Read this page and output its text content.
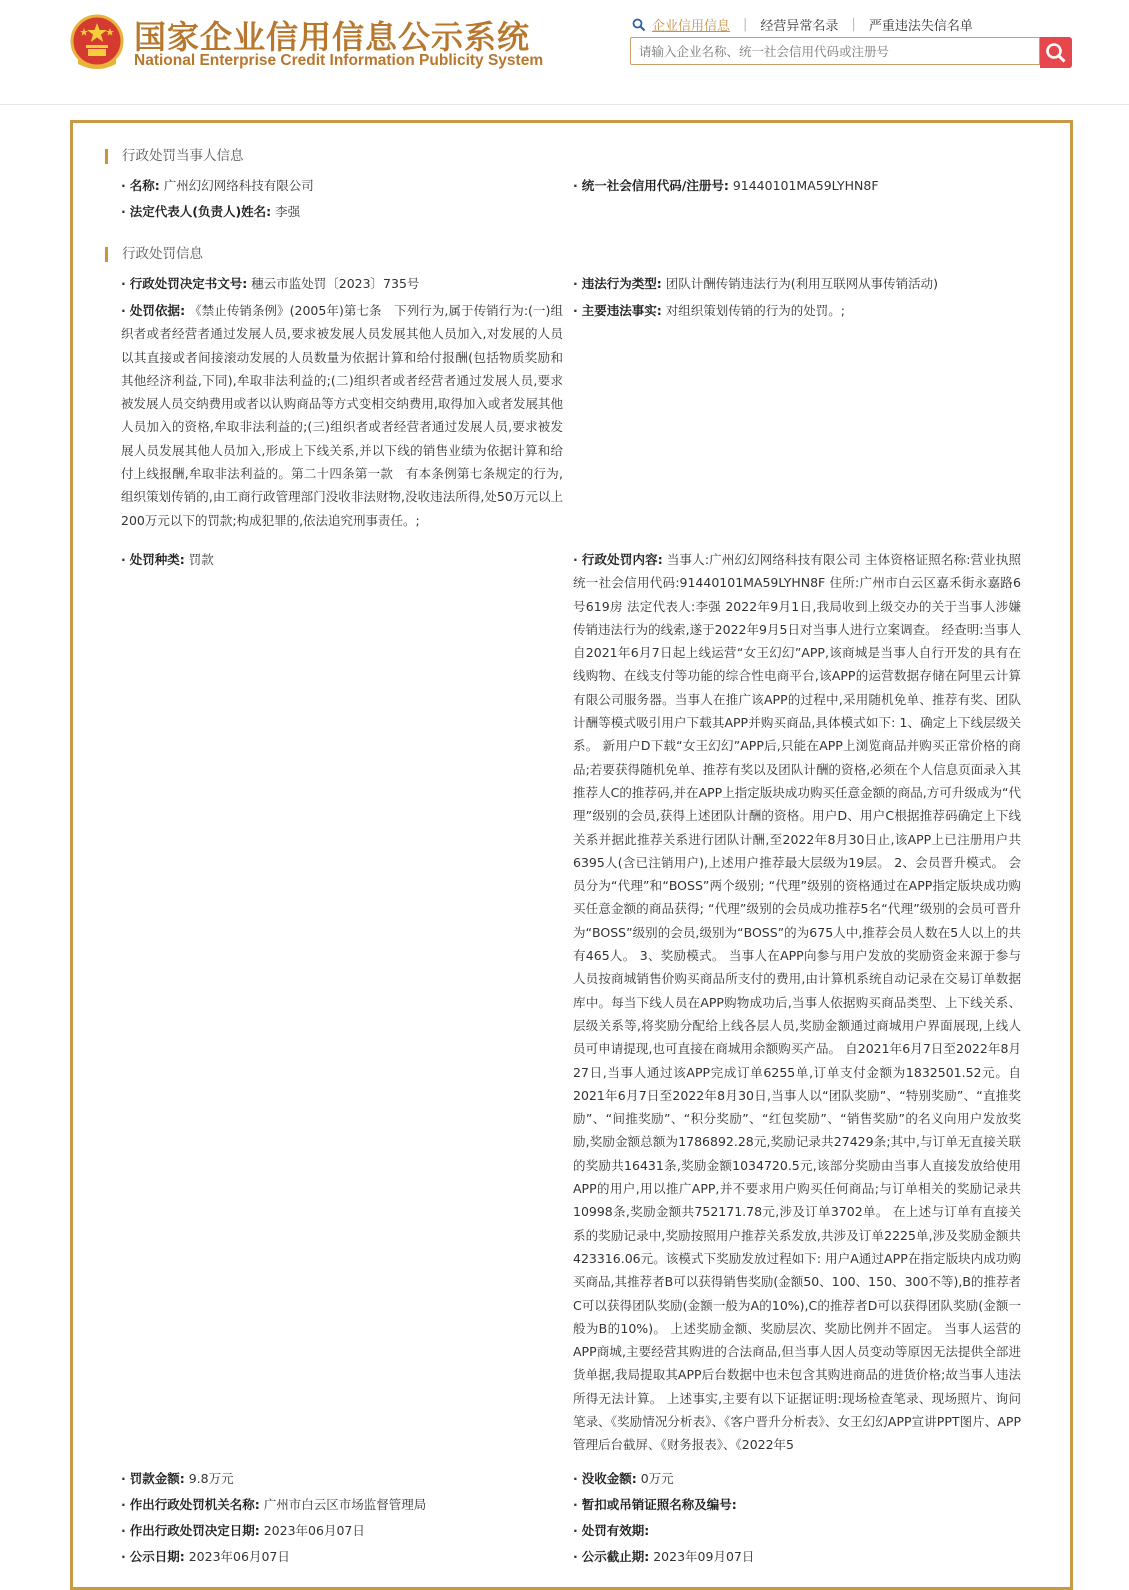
国家企业信用信息公示系统
National Enterprise Credit Information Publicity System
企业信用信息 | 经营异常名录 | 严重违法失信名单
请输入企业名称、统一社会信用代码或注册号
行政处罚当事人信息
· 名称: 广州幻幻网络科技有限公司	· 统一社会信用代码/注册号: 91440101MA59LYHN8F
· 法定代表人(负责人)姓名: 李强
行政处罚信息
· 行政处罚决定书文号: 穗云市监处罚〔2023〕735号	· 违法行为类型: 团队计酬传销违法行为(利用互联网从事传销活动)
· 处罚依据: 《禁止传销条例》(2005年)第七条　下列行为,属于传销行为:(一)组织者或者经营者通过发展人员,要求被发展人员发展其他人员加入,对发展的人员以其直接或者间接滚动发展的人员数量为依据计算和给付报酬(包括物质奖励和其他经济利益,下同),牟取非法利益的;(二)组织者或者经营者通过发展人员,要求被发展人员交纳费用或者以认购商品等方式变相交纳费用,取得加入或者发展其他人员加入的资格,牟取非法利益的;(三)组织者或者经营者通过发展人员,要求被发展人员发展其他人员加入,形成上下线关系,并以下线的销售业绩为依据计算和给付上线报酬,牟取非法利益的。第二十四条第一款　有本条例第七条规定的行为,组织策划传销的,由工商行政管理部门没收非法财物,没收违法所得,处50万元以上200万元以下的罚款;构成犯罪的,依法追究刑事责任。;
· 主要违法事实: 对组织策划传销的行为的处罚。;
· 处罚种类: 罚款	· 行政处罚内容: 当事人:广州幻幻网络科技有限公司 主体资格证照名称:营业执照 统一社会信用代码:91440101MA59LYHN8F 住所:广州市白云区嘉禾街永嘉路6号619房 法定代表人:李强 2022年9月1日,我局收到上级交办的关于当事人涉嫌传销违法行为的线索,遂于2022年9月5日对当事人进行立案调查。 经查明:当事人自2021年6月7日起上线运营“女王幻幻”APP,该商城是当事人自行开发的具有在线购物、在线支付等功能的综合性电商平台,该APP的运营数据存储在阿里云计算有限公司服务器。当事人在推广该APP的过程中,采用随机免单、推荐有奖、团队计酬等模式吸引用户下载其APP并购买商品,具体模式如下: 1、确定上下线层级关系。 新用户D下载“女王幻幻”APP后,只能在APP上浏览商品并购买正常价格的商品;若要获得随机免单、推荐有奖以及团队计酬的资格,必须在个人信息页面录入其推荐人C的推荐码,并在APP上指定版块成功购买任意金额的商品,方可升级成为“代理”级别的会员,获得上述团队计酬的资格。用户D、用户C根据推荐码确定上下线关系并据此推荐关系进行团队计酬,至2022年8月30日止,该APP上已注册用户共6395人(含已注销用户),上述用户推荐最大层级为19层。 2、会员晋升模式。 会员分为“代理”和“BOSS”两个级别; “代理”级别的资格通过在APP指定版块成功购买任意金额的商品获得; “代理”级别的会员成功推荐5名“代理”级别的会员可晋升为“BOSS”级别的会员,级别为“BOSS”的为675人中,推荐会员人数在5人以上的共有465人。 3、奖励模式。 当事人在APP向参与用户发放的奖励资金来源于参与人员按商城销售价购买商品所支付的费用,由计算机系统自动记录在交易订单数据库中。每当下线人员在APP购物成功后,当事人依据购买商品类型、上下线关系、层级关系等,将奖励分配给上线各层人员,奖励金额通过商城用户界面展现,上线人员可申请提现,也可直接在商城用余额购买产品。 自2021年6月7日至2022年8月27日,当事人通过该APP完成订单6255单,订单支付金额为1832501.52元。自2021年6月7日至2022年8月30日,当事人以“团队奖励”、“特别奖励”、“直推奖励”、“间推奖励”、“积分奖励”、“红包奖励”、“销售奖励”的名义向用户发放奖励,奖励金额总额为1786892.28元,奖励记录共27429条;其中,与订单无直接关联的奖励共16431条,奖励金额1034720.5元,该部分奖励由当事人直接发放给使用APP的用户,用以推广APP,并不要求用户购买任何商品;与订单相关的奖励记录共10998条,奖励金额共752171.78元,涉及订单3702单。 在上述与订单有直接关系的奖励记录中,奖励按照用户推荐关系发放,共涉及订单2225单,涉及奖励金额共423316.06元。该模式下奖励发放过程如下: 用户A通过APP在指定版块内成功购买商品,其推荐者B可以获得销售奖励(金额50、100、150、300不等),B的推荐者C可以获得团队奖励(金额一般为A的10%),C的推荐者D可以获得团队奖励(金额一般为B的10%)。 上述奖励金额、奖励层次、奖励比例并不固定。 当事人运营的APP商城,主要经营其购进的合法商品,但当事人因人员变动等原因无法提供全部进货单据,我局提取其APP后台数据中也未包含其购进商品的进货价格;故当事人违法所得无法计算。 上述事实,主要有以下证据证明:现场检查笔录、现场照片、询问笔录、《奖励情况分析表》、《客户晋升分析表》、女王幻幻APP宣讲PPT图片、APP管理后台截屏、《财务报表》、《2022年5
· 罚款金额: 9.8万元	· 没收金额: 0万元
· 作出行政处罚机关名称: 广州市白云区市场监督管理局	· 暂扣或吊销证照名称及编号:
· 作出行政处罚决定日期: 2023年06月07日	· 处罚有效期:
· 公示日期: 2023年06月07日	· 公示截止期: 2023年09月07日
